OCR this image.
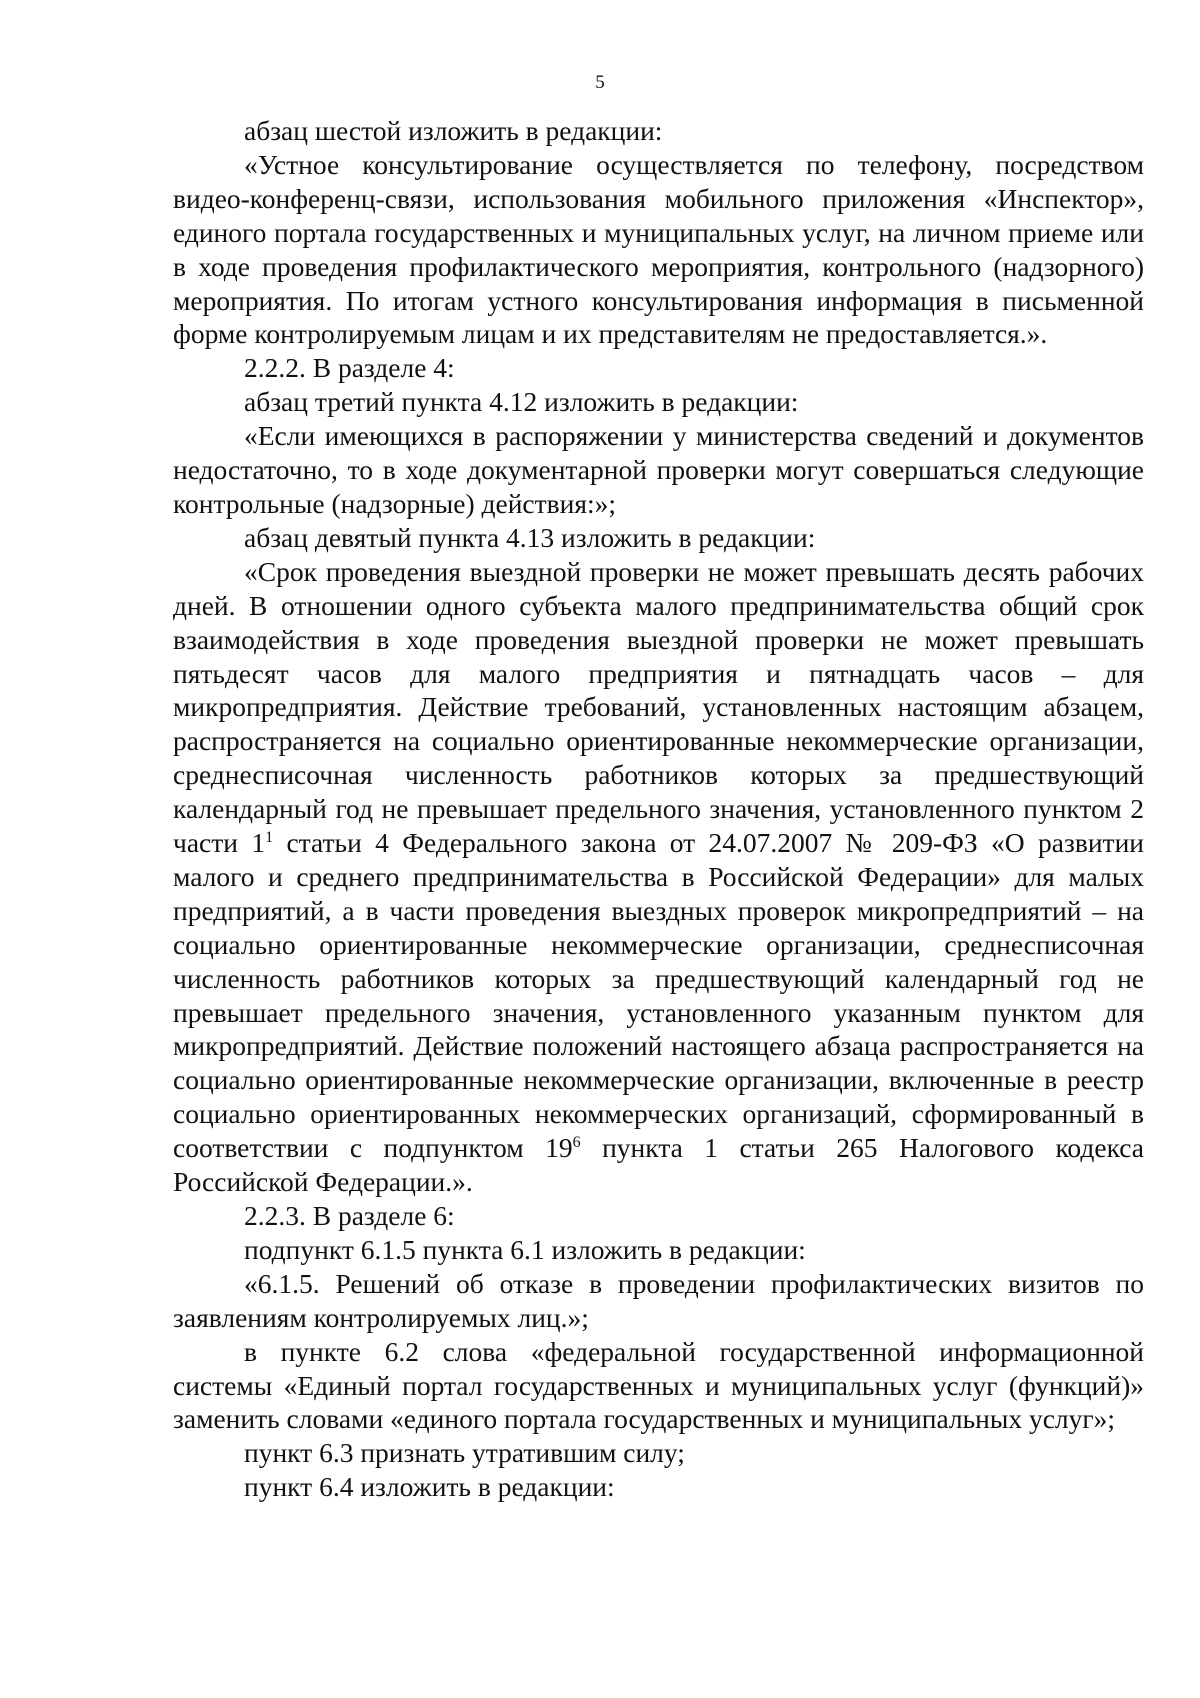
5

абзац шестой изложить в редакции:

«Устное консультирование осуществляется по телефону, посредством видео-конференц-связи, использования мобильного приложения «Инспектор», единого портала государственных и муниципальных услуг, на личном приеме или в ходе проведения профилактического мероприятия, контрольного (надзорного) мероприятия. По итогам устного консультирования информация в письменной форме контролируемым лицам и их представителям не предоставляется.».

2.2.2. В разделе 4:

абзац третий пункта 4.12 изложить в редакции:

«Если имеющихся в распоряжении у министерства сведений и документов недостаточно, то в ходе документарной проверки могут совершаться следующие контрольные (надзорные) действия:»;

абзац девятый пункта 4.13 изложить в редакции:

«Срок проведения выездной проверки не может превышать десять рабочих дней. В отношении одного субъекта малого предпринимательства общий срок взаимодействия в ходе проведения выездной проверки не может превышать пятьдесят часов для малого предприятия и пятнадцать часов – для микропредприятия. Действие требований, установленных настоящим абзацем, распространяется на социально ориентированные некоммерческие организации, среднесписочная численность работников которых за предшествующий календарный год не превышает предельного значения, установленного пунктом 2 части $1^1$ статьи 4 Федерального закона от 24.07.2007 № 209-ФЗ «О развитии малого и среднего предпринимательства в Российской Федерации» для малых предприятий, а в части проведения выездных проверок микропредприятий – на социально ориентированные некоммерческие организации, среднесписочная численность работников которых за предшествующий календарный год не превышает предельного значения, установленного указанным пунктом для микропредприятий. Действие положений настоящего абзаца распространяется на социально ориентированные некоммерческие организации, включенные в реестр социально ориентированных некоммерческих организаций, сформированный в соответствии с подпунктом $19^6$ пункта 1 статьи 265 Налогового кодекса Российской Федерации.».

2.2.3. В разделе 6:

подпункт 6.1.5 пункта 6.1 изложить в редакции:

«6.1.5. Решений об отказе в проведении профилактических визитов по заявлениям контролируемых лиц.»;

в пункте 6.2 слова «федеральной государственной информационной системы «Единый портал государственных и муниципальных услуг (функций)» заменить словами «единого портала государственных и муниципальных услуг»;

пункт 6.3 признать утратившим силу;

пункт 6.4 изложить в редакции:
